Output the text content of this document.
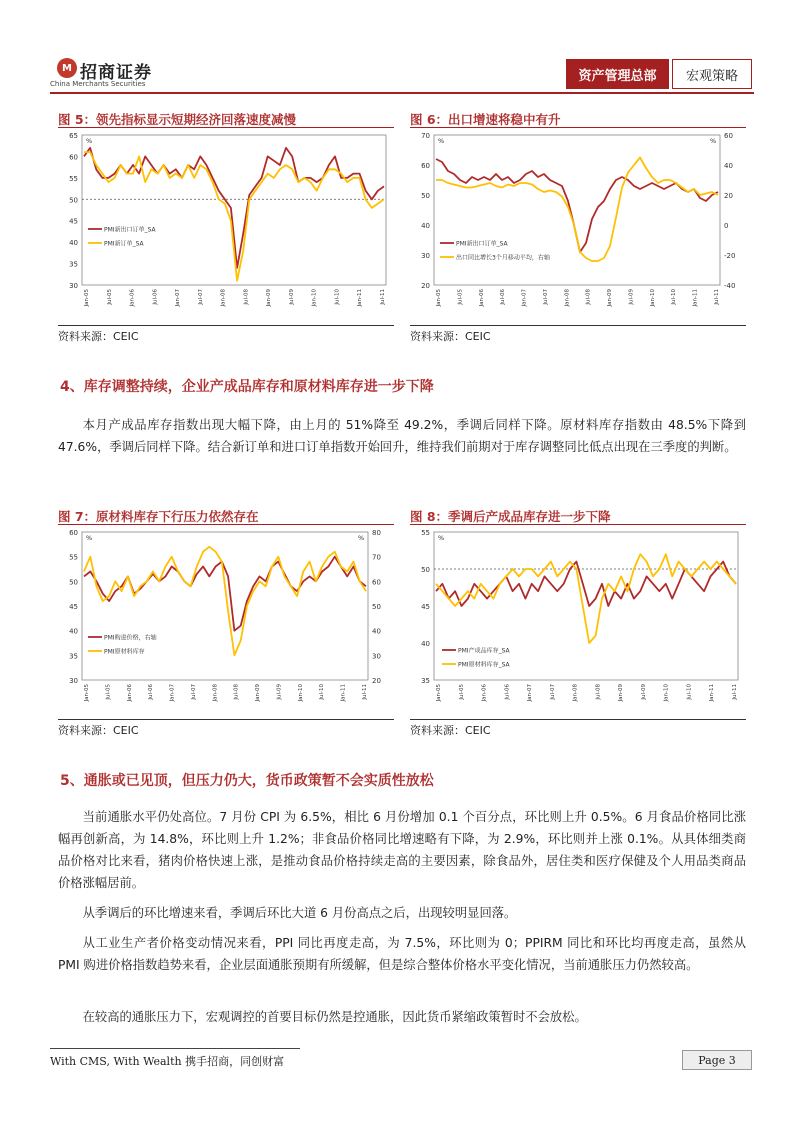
M 招商证券
China Merchants Securities
资产管理总部	宏观策略
图 5：领先指标显示短期经济回落速度减慢
30
35
40
45
50
55
60
65
%
Jan-05	Jul-05	Jan-06	Jul-06	Jan-07	Jul-07	Jan-08	Jul-08	Jan-09	Jul-09	Jan-10	Jul-10	Jan-11	Jul-11
PMI新出口订单_SA
PMI新订单_SA
资料来源：CEIC
图 6：出口增速将稳中有升
20
30
40
50
60
70
-40
-20
0
20
40
60
%	%
Jan-05	Jul-05	Jan-06	Jul-06	Jan-07	Jul-07	Jan-08	Jul-08	Jan-09	Jul-09	Jan-10	Jul-10	Jan-11	Jul-11
PMI新出口订单_SA
出口同比增长3个月移动平均，右轴
资料来源：CEIC
4、库存调整持续，企业产成品库存和原材料库存进一步下降
本月产成品库存指数出现大幅下降，由上月的 51%降至 49.2%，季调后同样下降。原材料库存指数由 48.5%下降到 47.6%，季调后同样下降。结合新订单和进口订单指数开始回升，维持我们前期对于库存调整同比低点出现在三季度的判断。
图 7：原材料库存下行压力依然存在
30
35
40
45
50
55
60
20
30
40
50
60
70
80
%	%
Jan-05	Jul-05	Jan-06	Jul-06	Jan-07	Jul-07	Jan-08	Jul-08	Jan-09	Jul-09	Jan-10	Jul-10	Jan-11	Jul-11
PMI购进价格，右轴
PMI原材料库存
资料来源：CEIC
图 8：季调后产成品库存进一步下降
35
40
45
50
55
%
Jan-05	Jul-05	Jan-06	Jul-06	Jan-07	Jul-07	Jan-08	Jul-08	Jan-09	Jul-09	Jan-10	Jul-10	Jan-11	Jul-11
PMI产成品库存_SA
PMI原材料库存_SA
资料来源：CEIC
5、通胀或已见顶，但压力仍大，货币政策暂不会实质性放松
当前通胀水平仍处高位。7 月份 CPI 为 6.5%，相比 6 月份增加 0.1 个百分点，环比则上升 0.5%。6 月食品价格同比涨幅再创新高，为 14.8%，环比则上升 1.2%；非食品价格同比增速略有下降，为 2.9%，环比则并上涨 0.1%。从具体细类商品价格对比来看，猪肉价格快速上涨，是推动食品价格持续走高的主要因素，除食品外，居住类和医疗保健及个人用品类商品价格涨幅居前。
从季调后的环比增速来看，季调后环比大道 6 月份高点之后，出现较明显回落。
从工业生产者价格变动情况来看，PPI 同比再度走高，为 7.5%，环比则为 0；PPIRM 同比和环比均再度走高，虽然从 PMI 购进价格指数趋势来看，企业层面通胀预期有所缓解，但是综合整体价格水平变化情况，当前通胀压力仍然较高。
在较高的通胀压力下，宏观调控的首要目标仍然是控通胀，因此货币紧缩政策暂时不会放松。
With CMS, With Wealth 携手招商，同创财富	Page 3
